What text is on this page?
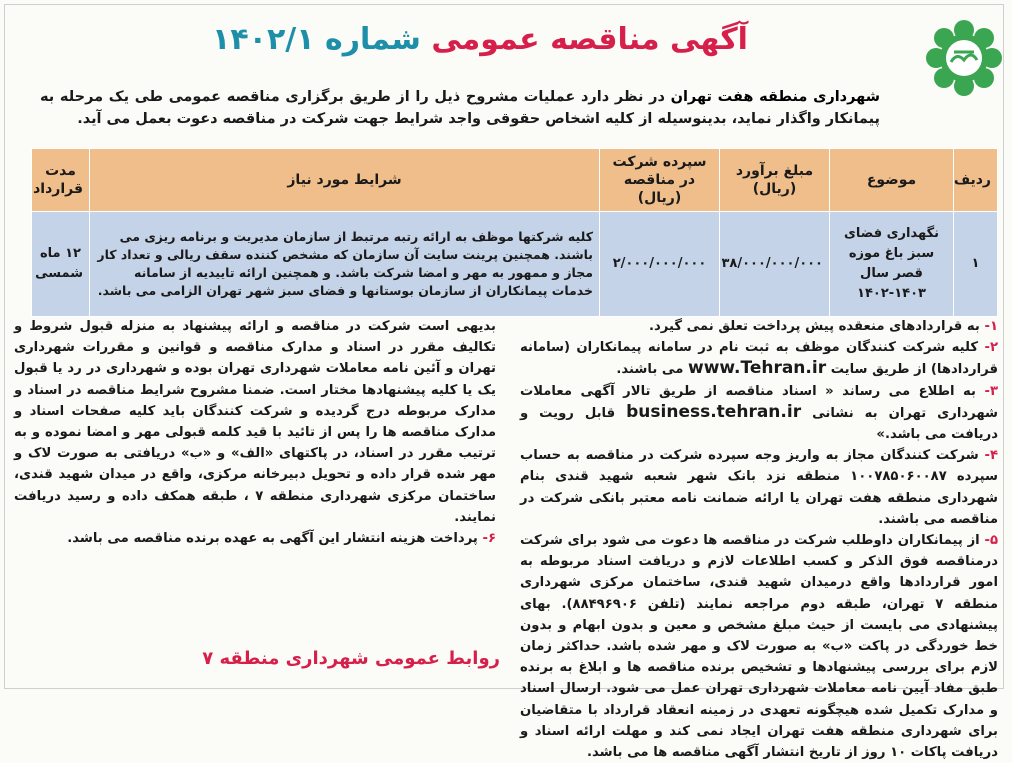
آگهی مناقصه عمومی شماره ۱۴۰۲/۱
شهرداری منطقه هفت تهران در نظر دارد عملیات مشروح ذیل را از طریق برگزاری مناقصه عمومی طی یک مرحله به پیمانکار واگذار نماید، بدینوسیله از کلیه اشخاص حقوقی واجد شرایط جهت شرکت در مناقصه دعوت بعمل می آید.
ردیف	موضوع	مبلغ برآورد (ریال)	سپرده شرکت در مناقصه (ریال)	شرایط مورد نیاز	مدت قرارداد
۱	نگهداری فضای سبز باغ موزه قصر سال ۱۴۰۳-۱۴۰۲	۳۸/۰۰۰/۰۰۰/۰۰۰	۲/۰۰۰/۰۰۰/۰۰۰	کلیه شرکتها موظف به ارائه رتبه مرتبط از سازمان مدیریت و برنامه ریزی می باشند. همچنین پرینت سایت آن سازمان که مشخص کننده سقف ریالی و تعداد کار مجاز و ممهور به مهر و امضا شرکت باشد. و همچنین ارائه تاییدیه از سامانه خدمات پیمانکاران از سازمان بوستانها و فضای سبز شهر تهران الزامی می باشد.	۱۲ ماه شمسی

۱- به قراردادهای منعقده پیش پرداخت تعلق نمی گیرد.

۲- کلیه شرکت کنندگان موظف به ثبت نام در سامانه پیمانکاران (سامانه قراردادها) از طریق سایت www.Tehran.ir می باشند.

۳- به اطلاع می رساند « اسناد مناقصه از طریق تالار آگهی معاملات شهرداری تهران به نشانی business.tehran.ir قابل رویت و دریافت می باشد.»

۴- شرکت کنندگان مجاز به واریز وجه سپرده شرکت در مناقصه به حساب سپرده ۱۰۰۷۸۵۰۶۰۰۸۷ منطقه نزد بانک شهر شعبه شهید قندی بنام شهرداری منطقه هفت تهران یا ارائه ضمانت نامه معتبر بانکی شرکت در مناقصه می باشند.

۵- از پیمانکاران داوطلب شرکت در مناقصه ها دعوت می شود برای شرکت درمناقصه فوق الذکر و کسب اطلاعات لازم و دریافت اسناد مربوطه به امور قراردادها واقع درمیدان شهید قندی، ساختمان مرکزی شهرداری منطقه ۷ تهران، طبقه دوم مراجعه نمایند (تلفن ۸۸۴۹۶۹۰۶). بهای پیشنهادی می بایست از حیث مبلغ مشخص و معین و بدون ابهام و بدون خط خوردگی در پاکت «ب» به صورت لاک و مهر شده باشد. حداکثر زمان لازم برای بررسی پیشنهادها و تشخیص برنده مناقصه ها و ابلاغ به برنده طبق مفاد آیین نامه معاملات شهرداری تهران عمل می شود. ارسال اسناد و مدارک تکمیل شده هیچگونه تعهدی در زمینه انعقاد قرارداد با متقاضیان برای شهرداری منطقه هفت تهران ایجاد نمی کند و مهلت ارائه اسناد و دریافت پاکات ۱۰ روز از تاریخ انتشار آگهی مناقصه ها می باشد.

بدیهی است شرکت در مناقصه و ارائه پیشنهاد به منزله قبول شروط و تکالیف مقرر در اسناد و مدارک مناقصه و قوانین و مقررات شهرداری تهران و آئین نامه معاملات شهرداری تهران بوده و شهرداری در رد یا قبول یک یا کلیه پیشنهادها مختار است. ضمنا مشروح شرایط مناقصه در اسناد و مدارک مربوطه درج گردیده و شرکت کنندگان باید کلیه صفحات اسناد و مدارک مناقصه ها را پس از تائید با قید کلمه قبولی مهر و امضا نموده و به ترتیب مقرر در اسناد، در پاکتهای «الف» و «ب» دریافتی به صورت لاک و مهر شده قرار داده و تحویل دبیرخانه مرکزی، واقع در میدان شهید قندی، ساختمان مرکزی شهرداری منطقه ۷ ، طبقه همکف داده و رسید دریافت نمایند.

۶- پرداخت هزینه انتشار این آگهی به عهده برنده مناقصه می باشد.

روابط عمومی شهرداری منطقه ۷
